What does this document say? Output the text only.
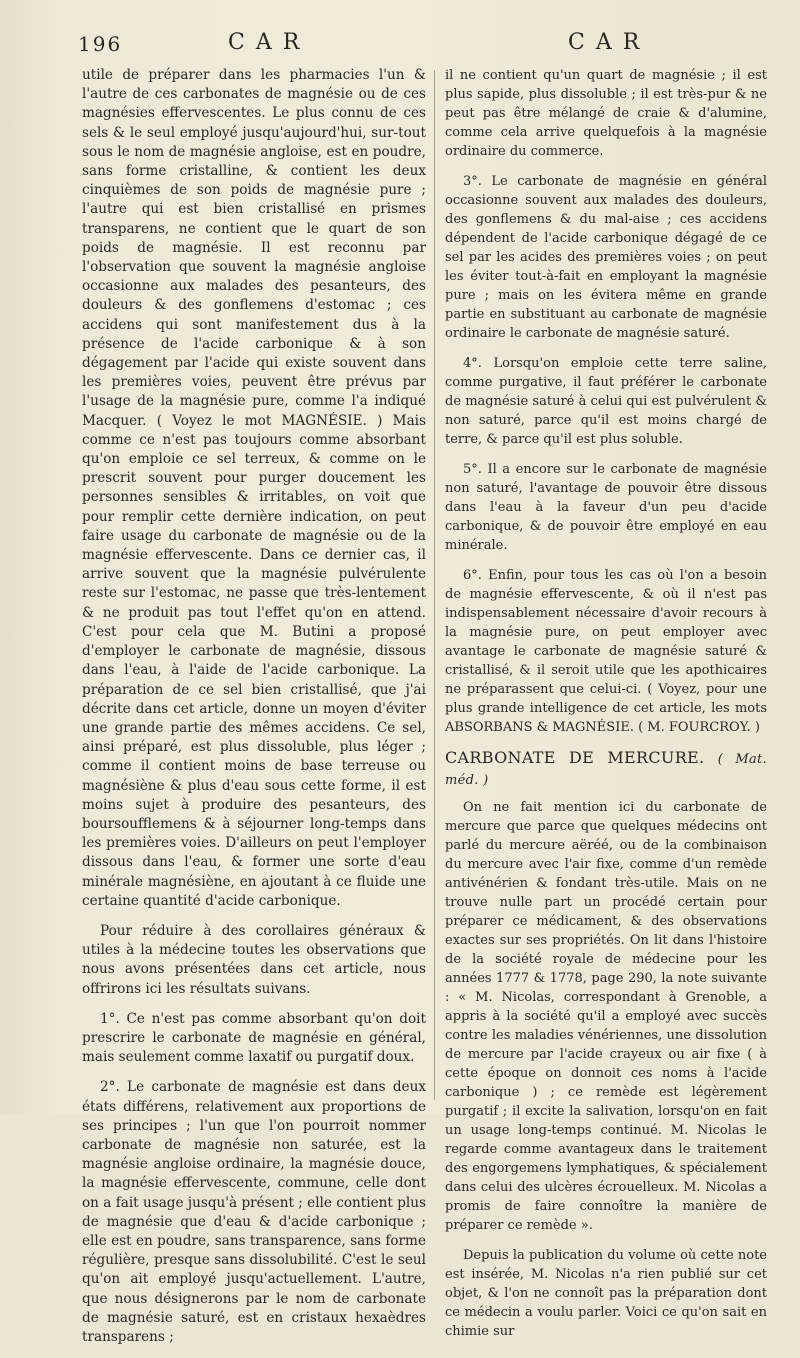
196	C A R	C A R

utile de préparer dans les pharmacies l'un & l'autre de ces carbonates de magnésie ou de ces magnésies effervescentes. Le plus connu de ces sels & le seul employé jusqu'aujourd'hui, sur-tout sous le nom de magnésie angloise, est en poudre, sans forme cristalline, & contient les deux cinquièmes de son poids de magnésie pure ; l'autre qui est bien cristallisé en prismes transparens, ne contient que le quart de son poids de magnésie. Il est reconnu par l'observation que souvent la magnésie angloise occasionne aux malades des pesanteurs, des douleurs & des gonflemens d'estomac ; ces accidens qui sont manifestement dus à la présence de l'acide carbonique & à son dégagement par l'acide qui existe souvent dans les premières voies, peuvent être prévus par l'usage de la magnésie pure, comme l'a indiqué Macquer. ( Voyez le mot MAGNÉSIE. ) Mais comme ce n'est pas toujours comme absorbant qu'on emploie ce sel terreux, & comme on le prescrit souvent pour purger doucement les personnes sensibles & irritables, on voit que pour remplir cette dernière indication, on peut faire usage du carbonate de magnésie ou de la magnésie effervescente. Dans ce dernier cas, il arrive souvent que la magnésie pulvérulente reste sur l'estomac, ne passe que très-lentement & ne produit pas tout l'effet qu'on en attend. C'est pour cela que M. Butini a proposé d'employer le carbonate de magnésie, dissous dans l'eau, à l'aide de l'acide carbonique. La préparation de ce sel bien cristallisé, que j'ai décrite dans cet article, donne un moyen d'éviter une grande partie des mêmes accidens. Ce sel, ainsi préparé, est plus dissoluble, plus léger ; comme il contient moins de base terreuse ou magnésiène & plus d'eau sous cette forme, il est moins sujet à produire des pesanteurs, des boursoufflemens & à séjourner long-temps dans les premières voies. D'ailleurs on peut l'employer dissous dans l'eau, & former une sorte d'eau minérale magnésiène, en ajoutant à ce fluide une certaine quantité d'acide carbonique.

Pour réduire à des corollaires généraux & utiles à la médecine toutes les observations que nous avons présentées dans cet article, nous offrirons ici les résultats suivans.

1°. Ce n'est pas comme absorbant qu'on doit prescrire le carbonate de magnésie en général, mais seulement comme laxatif ou purgatif doux.

2°. Le carbonate de magnésie est dans deux états différens, relativement aux proportions de ses principes ; l'un que l'on pourroit nommer carbonate de magnésie non saturée, est la magnésie angloise ordinaire, la magnésie douce, la magnésie effervescente, commune, celle dont on a fait usage jusqu'à présent ; elle contient plus de magnésie que d'eau & d'acide carbonique ; elle est en poudre, sans transparence, sans forme régulière, presque sans dissolubilité. C'est le seul qu'on ait employé jusqu'actuellement. L'autre, que nous désignerons par le nom de carbonate de magnésie saturé, est en cristaux hexaèdres transparens ;

il ne contient qu'un quart de magnésie ; il est plus sapide, plus dissoluble ; il est très-pur & ne peut pas être mélangé de craie & d'alumine, comme cela arrive quelquefois à la magnésie ordinaire du commerce.

3°. Le carbonate de magnésie en général occasionne souvent aux malades des douleurs, des gonflemens & du mal-aise ; ces accidens dépendent de l'acide carbonique dégagé de ce sel par les acides des premières voies ; on peut les éviter tout-à-fait en employant la magnésie pure ; mais on les évitera même en grande partie en substituant au carbonate de magnésie ordinaire le carbonate de magnésie saturé.

4°. Lorsqu'on emploie cette terre saline, comme purgative, il faut préférer le carbonate de magnésie saturé à celui qui est pulvérulent & non saturé, parce qu'il est moins chargé de terre, & parce qu'il est plus soluble.

5°. Il a encore sur le carbonate de magnésie non saturé, l'avantage de pouvoir être dissous dans l'eau à la faveur d'un peu d'acide carbonique, & de pouvoir être employé en eau minérale.

6°. Enfin, pour tous les cas où l'on a besoin de magnésie effervescente, & où il n'est pas indispensablement nécessaire d'avoir recours à la magnésie pure, on peut employer avec avantage le carbonate de magnésie saturé & cristallisé, & il seroit utile que les apothicaires ne préparassent que celui-ci. ( Voyez, pour une plus grande intelligence de cet article, les mots ABSORBANS & MAGNÉSIE. ( M. FOURCROY. )

CARBONATE DE MERCURE. ( Mat. méd. )

On ne fait mention ici du carbonate de mercure que parce que quelques médecins ont parlé du mercure aëréé, ou de la combinaison du mercure avec l'air fixe, comme d'un remède antivénérien & fondant très-utile. Mais on ne trouve nulle part un procédé certain pour préparer ce médicament, & des observations exactes sur ses propriétés. On lit dans l'histoire de la société royale de médecine pour les années 1777 & 1778, page 290, la note suivante : « M. Nicolas, correspondant à Grenoble, a appris à la société qu'il a employé avec succès contre les maladies vénériennes, une dissolution de mercure par l'acide crayeux ou air fixe ( à cette époque on donnoit ces noms à l'acide carbonique ) ; ce remède est légèrement purgatif ; il excite la salivation, lorsqu'on en fait un usage long-temps continué. M. Nicolas le regarde comme avantageux dans le traitement des engorgemens lymphatiques, & spécialement dans celui des ulcères écrouelleux. M. Nicolas a promis de faire connoître la manière de préparer ce remède ».

Depuis la publication du volume où cette note est insérée, M. Nicolas n'a rien publié sur cet objet, & l'on ne connoît pas la préparation dont ce médecin a voulu parler. Voici ce qu'on sait en chimie sur
